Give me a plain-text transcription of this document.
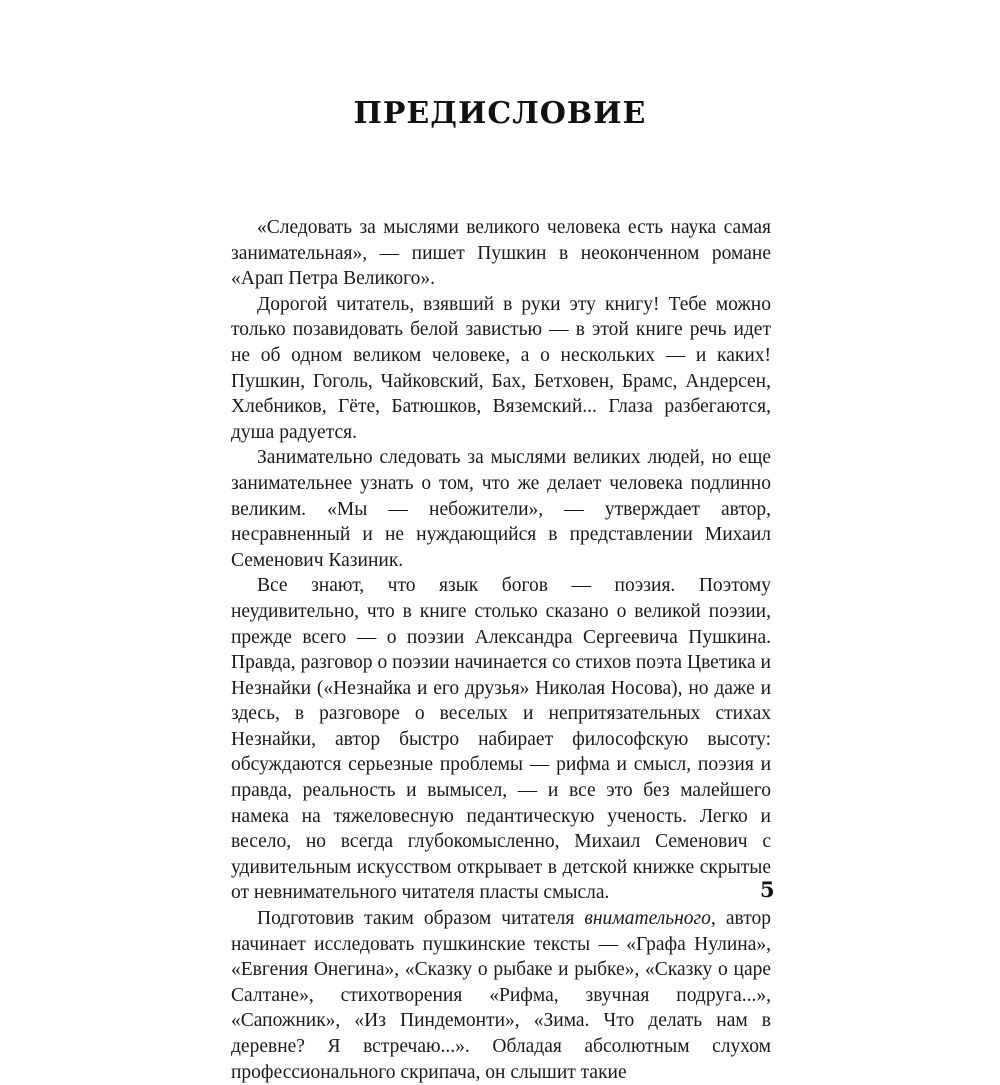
ПРЕДИСЛОВИЕ

«Следовать за мыслями великого человека есть наука самая занимательная», — пишет Пушкин в неоконченном романе «Арап Петра Великого».

Дорогой читатель, взявший в руки эту книгу! Тебе можно только позавидовать белой завистью — в этой книге речь идет не об одном великом человеке, а о нескольких — и каких! Пушкин, Гоголь, Чайковский, Бах, Бетховен, Брамс, Андерсен, Хлебников, Гёте, Батюшков, Вяземский... Глаза разбегаются, душа радуется.

Занимательно следовать за мыслями великих людей, но еще занимательнее узнать о том, что же делает человека подлинно великим. «Мы — небожители», — утверждает автор, несравненный и не нуждающийся в представлении Михаил Семенович Казиник.

Все знают, что язык богов — поэзия. Поэтому неудивительно, что в книге столько сказано о великой поэзии, прежде всего — о поэзии Александра Сергеевича Пушкина. Правда, разговор о поэзии начинается со стихов поэта Цветика и Незнайки («Незнайка и его друзья» Николая Носова), но даже и здесь, в разговоре о веселых и непритязательных стихах Незнайки, автор быстро набирает философскую высоту: обсуждаются серьезные проблемы — рифма и смысл, поэзия и правда, реальность и вымысел, — и все это без малейшего намека на тяжеловесную педантическую ученость. Легко и весело, но всегда глубокомысленно, Михаил Семенович с удивительным искусством открывает в детской книжке скрытые от невнимательного читателя пласты смысла.

Подготовив таким образом читателя внимательного, автор начинает исследовать пушкинские тексты — «Графа Нулина», «Евгения Онегина», «Сказку о рыбаке и рыбке», «Сказку о царе Салтане», стихотворения «Рифма, звучная подруга...», «Сапожник», «Из Пиндемонти», «Зима. Что делать нам в деревне? Я встречаю...». Обладая абсолютным слухом профессионального скрипача, он слышит такие

5
